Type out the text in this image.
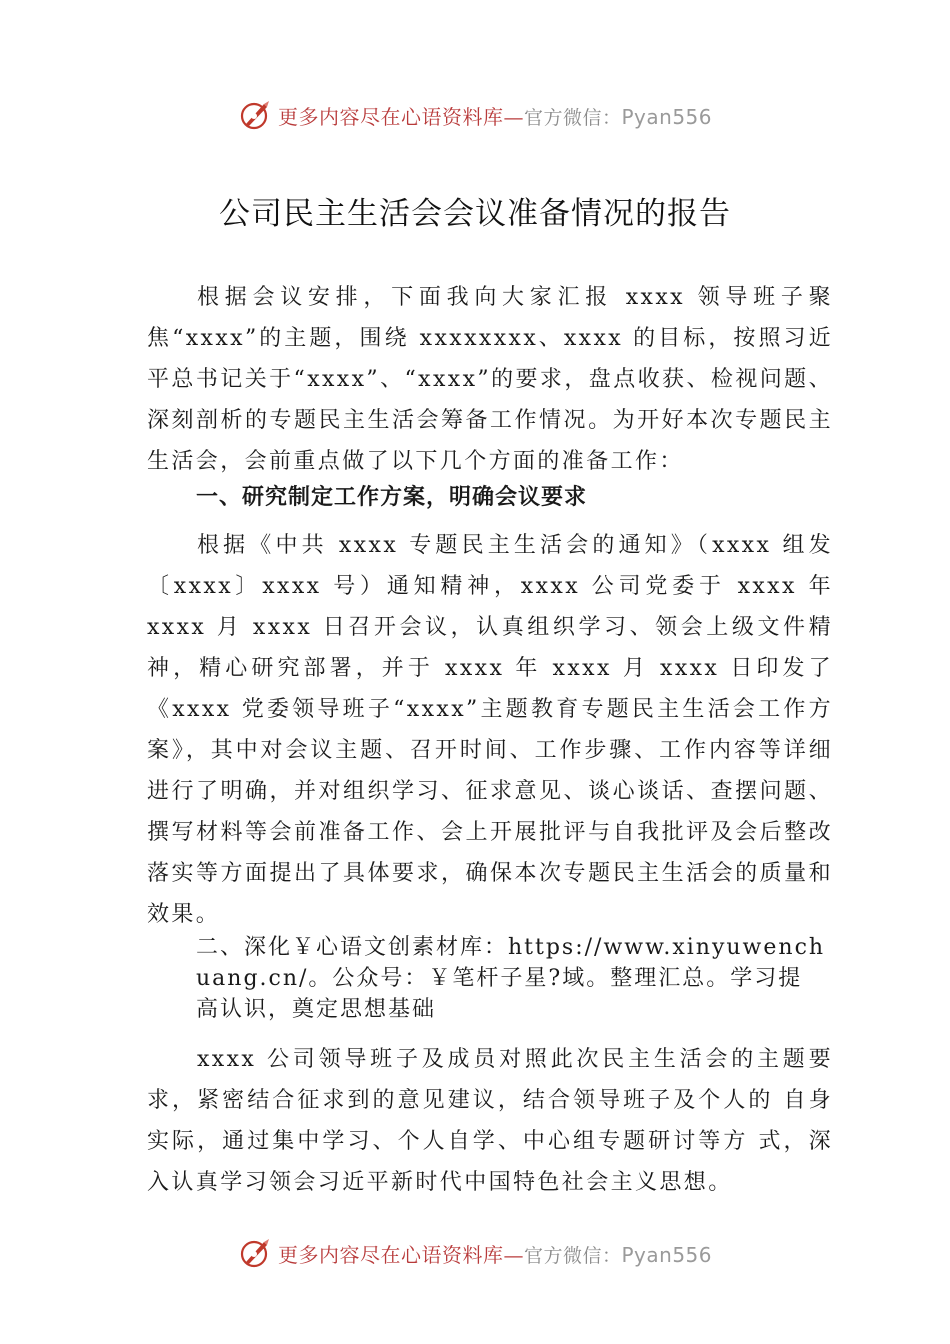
更多内容尽在心语资料库—官方微信：Pyan556
公司民主生活会会议准备情况的报告

根据会议安排，下面我向大家汇报 xxxx 领导班子聚焦“xxxx”的主题，围绕 xxxxxxxx、xxxx 的目标，按照习近平总书记关于“xxxx”、“xxxx”的要求，盘点收获、检视问题、深刻剖析的专题民主生活会筹备工作情况。为开好本次专题民主生活会，会前重点做了以下几个方面的准备工作：

一、研究制定工作方案，明确会议要求

根据《中共 xxxx 专题民主生活会的通知》（xxxx 组发〔xxxx〕xxxx 号）通知精神，xxxx 公司党委于 xxxx 年 xxxx 月 xxxx 日召开会议，认真组织学习、领会上级文件精神，精心研究部署，并于 xxxx 年 xxxx 月 xxxx 日印发了《xxxx 党委领导班子“xxxx”主题教育专题民主生活会工作方案》，其中对会议主题、召开时间、工作步骤、工作内容等详细进行了明确，并对组织学习、征求意见、谈心谈话、查摆问题、 撰写材料等会前准备工作、会上开展批评与自我批评及会后整改落实等方面提出了具体要求，确保本次专题民主生活会的质量和效果。

二、深化￥心语文创素材库：https://www.xinyuwenchuang.cn/。公众号：￥笔杆子星?域。整理汇总。学习提高认识，奠定思想基础

xxxx 公司领导班子及成员对照此次民主生活会的主题要求，紧密结合征求到的意见建议，结合领导班子及个人的 自身实际，通过集中学习、个人自学、中心组专题研讨等方 式，深入认真学习领会习近平新时代中国特色社会主义思想。

更多内容尽在心语资料库—官方微信：Pyan556
